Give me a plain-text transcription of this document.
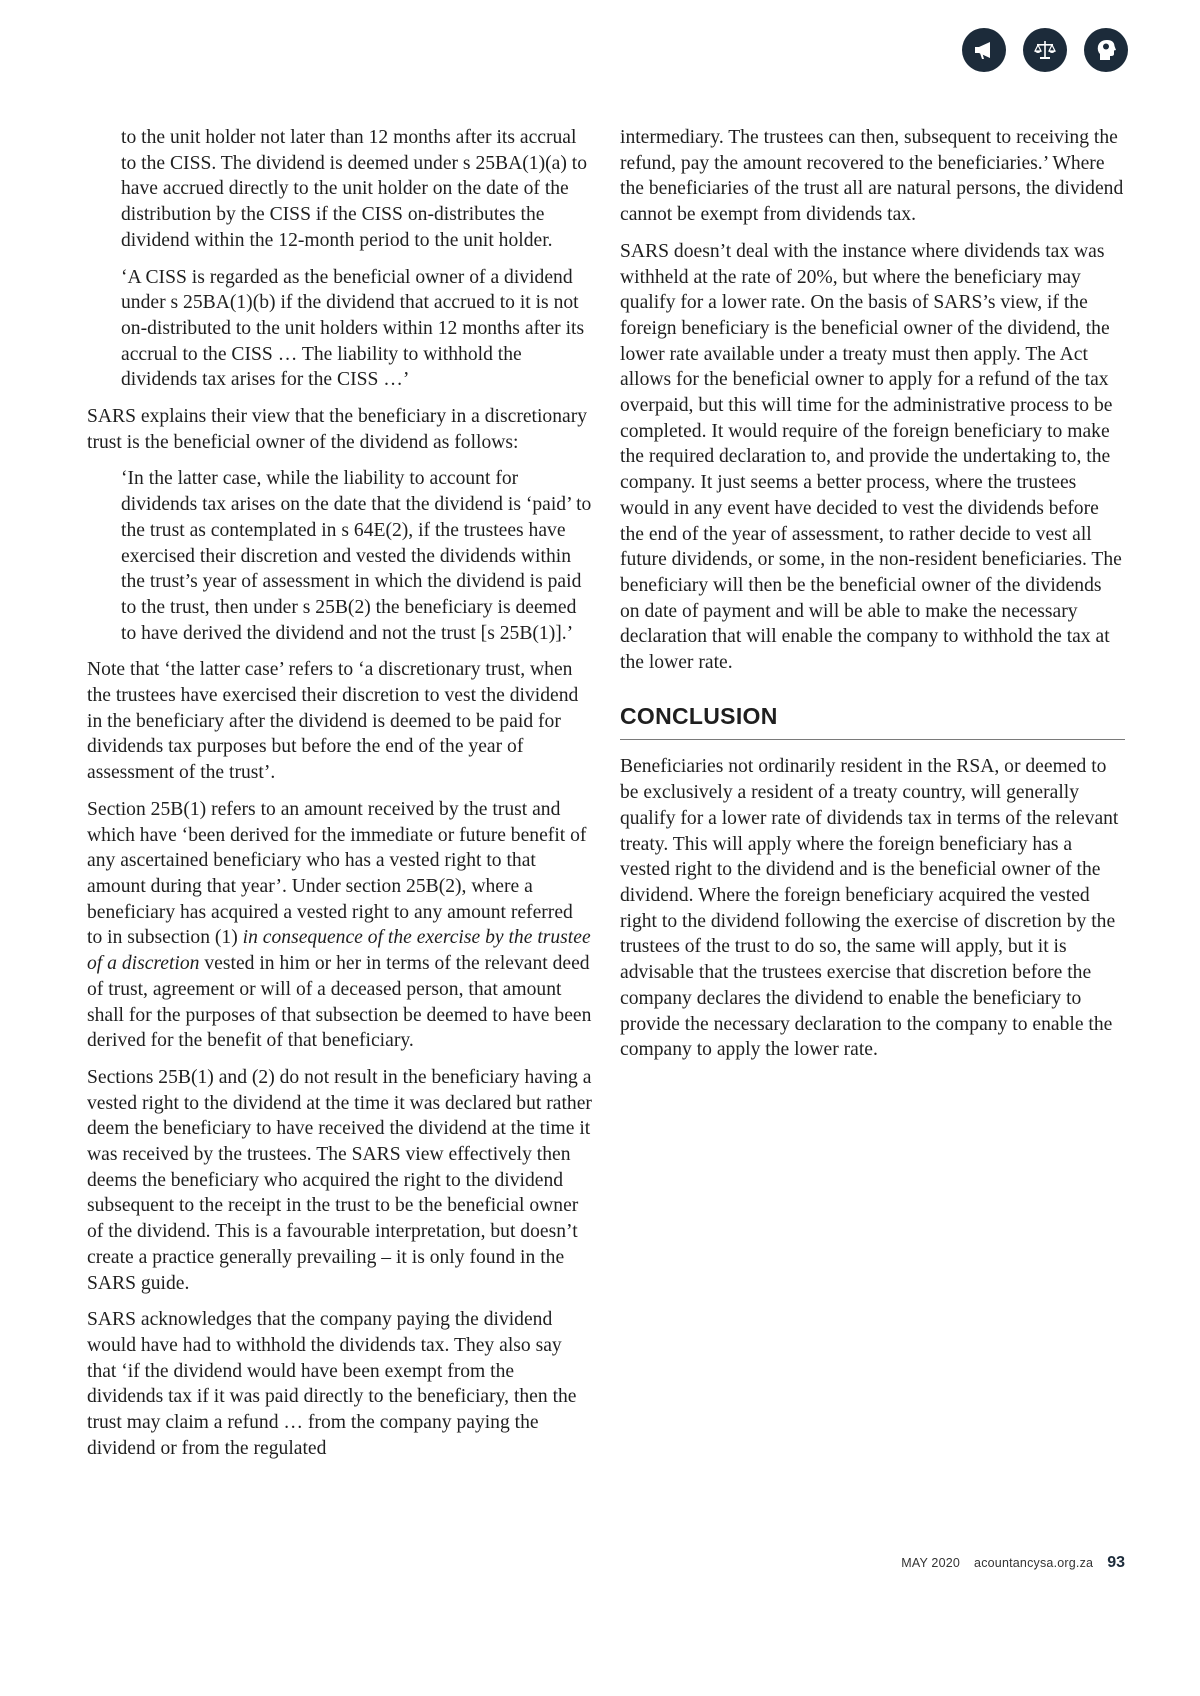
to the unit holder not later than 12 months after its accrual to the CISS. The dividend is deemed under s 25BA(1)(a) to have accrued directly to the unit holder on the date of the distribution by the CISS if the CISS on-distributes the dividend within the 12-month period to the unit holder.

‘A CISS is regarded as the beneficial owner of a dividend under s 25BA(1)(b) if the dividend that accrued to it is not on-distributed to the unit holders within 12 months after its accrual to the CISS … The liability to withhold the dividends tax arises for the CISS …’

SARS explains their view that the beneficiary in a discretionary trust is the beneficial owner of the dividend as follows:

‘In the latter case, while the liability to account for dividends tax arises on the date that the dividend is ‘paid’ to the trust as contemplated in s 64E(2), if the trustees have exercised their discretion and vested the dividends within the trust’s year of assessment in which the dividend is paid to the trust, then under s 25B(2) the beneficiary is deemed to have derived the dividend and not the trust [s 25B(1)].’

Note that ‘the latter case’ refers to ‘a discretionary trust, when the trustees have exercised their discretion to vest the dividend in the beneficiary after the dividend is deemed to be paid for dividends tax purposes but before the end of the year of assessment of the trust’.

Section 25B(1) refers to an amount received by the trust and which have ‘been derived for the immediate or future benefit of any ascertained beneficiary who has a vested right to that amount during that year’. Under section 25B(2), where a beneficiary has acquired a vested right to any amount referred to in subsection (1) in consequence of the exercise by the trustee of a discretion vested in him or her in terms of the relevant deed of trust, agreement or will of a deceased person, that amount shall for the purposes of that subsection be deemed to have been derived for the benefit of that beneficiary.

Sections 25B(1) and (2) do not result in the beneficiary having a vested right to the dividend at the time it was declared but rather deem the beneficiary to have received the dividend at the time it was received by the trustees. The SARS view effectively then deems the beneficiary who acquired the right to the dividend subsequent to the receipt in the trust to be the beneficial owner of the dividend. This is a favourable interpretation, but doesn’t create a practice generally prevailing – it is only found in the SARS guide.

SARS acknowledges that the company paying the dividend would have had to withhold the dividends tax. They also say that ‘if the dividend would have been exempt from the dividends tax if it was paid directly to the beneficiary, then the trust may claim a refund … from the company paying the dividend or from the regulated

intermediary. The trustees can then, subsequent to receiving the refund, pay the amount recovered to the beneficiaries.’ Where the beneficiaries of the trust all are natural persons, the dividend cannot be exempt from dividends tax.

SARS doesn’t deal with the instance where dividends tax was withheld at the rate of 20%, but where the beneficiary may qualify for a lower rate. On the basis of SARS’s view, if the foreign beneficiary is the beneficial owner of the dividend, the lower rate available under a treaty must then apply. The Act allows for the beneficial owner to apply for a refund of the tax overpaid, but this will time for the administrative process to be completed. It would require of the foreign beneficiary to make the required declaration to, and provide the undertaking to, the company. It just seems a better process, where the trustees would in any event have decided to vest the dividends before the end of the year of assessment, to rather decide to vest all future dividends, or some, in the non-resident beneficiaries. The beneficiary will then be the beneficial owner of the dividends on date of payment and will be able to make the necessary declaration that will enable the company to withhold the tax at the lower rate.

CONCLUSION

Beneficiaries not ordinarily resident in the RSA, or deemed to be exclusively a resident of a treaty country, will generally qualify for a lower rate of dividends tax in terms of the relevant treaty. This will apply where the foreign beneficiary has a vested right to the dividend and is the beneficial owner of the dividend. Where the foreign beneficiary acquired the vested right to the dividend following the exercise of discretion by the trustees of the trust to do so, the same will apply, but it is advisable that the trustees exercise that discretion before the company declares the dividend to enable the beneficiary to provide the necessary declaration to the company to enable the company to apply the lower rate.

MAY 2020 acountancysa.org.za 93
